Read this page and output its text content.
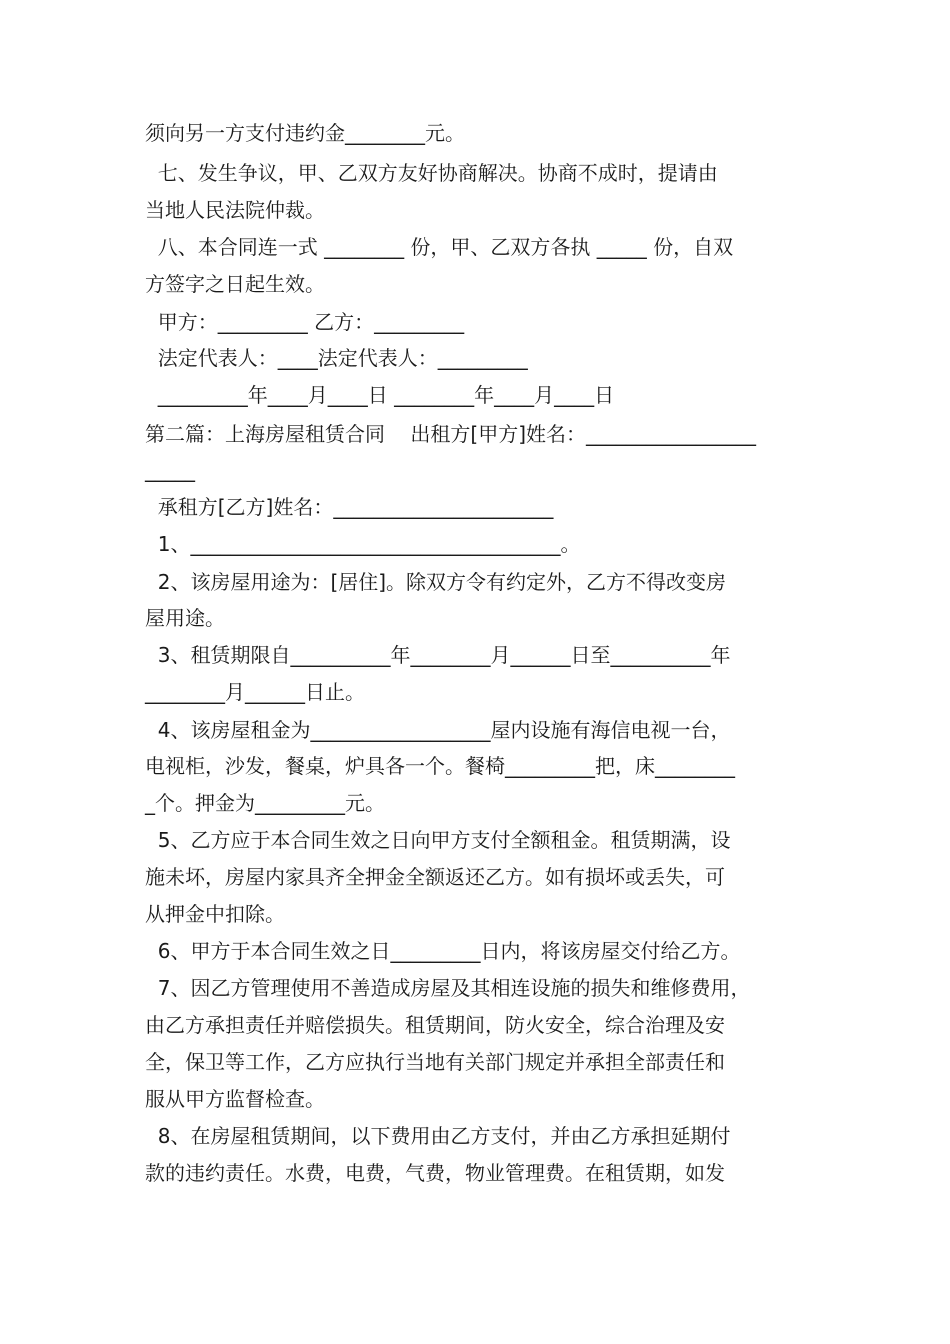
须向另一方支付违约金________元。

七、发生争议，甲、乙双方友好协商解决。协商不成时，提请由

当地人民法院仲裁。

八、本合同连一式 ________ 份，甲、乙双方各执 _____ 份，自双

方签字之日起生效。

甲方：_________ 乙方：_________

法定代表人：____法定代表人：_________

_________年____月____日 ________年____月____日

第二篇：上海房屋租赁合同    出租方[甲方]姓名：_________________

_____

承租方[乙方]姓名：______________________

1、_____________________________________。

2、该房屋用途为：[居住]。除双方令有约定外，乙方不得改变房

屋用途。

3、租赁期限自__________年________月______日至__________年

________月______日止。

4、该房屋租金为__________________屋内设施有海信电视一台，

电视柜，沙发，餐桌，炉具各一个。餐椅_________把，床________

_个。押金为_________元。

5、乙方应于本合同生效之日向甲方支付全额租金。租赁期满，设

施未坏，房屋内家具齐全押金全额返还乙方。如有损坏或丢失，可

从押金中扣除。

6、甲方于本合同生效之日_________日内，将该房屋交付给乙方。

7、因乙方管理使用不善造成房屋及其相连设施的损失和维修费用，

由乙方承担责任并赔偿损失。租赁期间，防火安全，综合治理及安

全，保卫等工作，乙方应执行当地有关部门规定并承担全部责任和

服从甲方监督检查。

8、在房屋租赁期间，以下费用由乙方支付，并由乙方承担延期付

款的违约责任。水费，电费，气费，物业管理费。在租赁期，如发
